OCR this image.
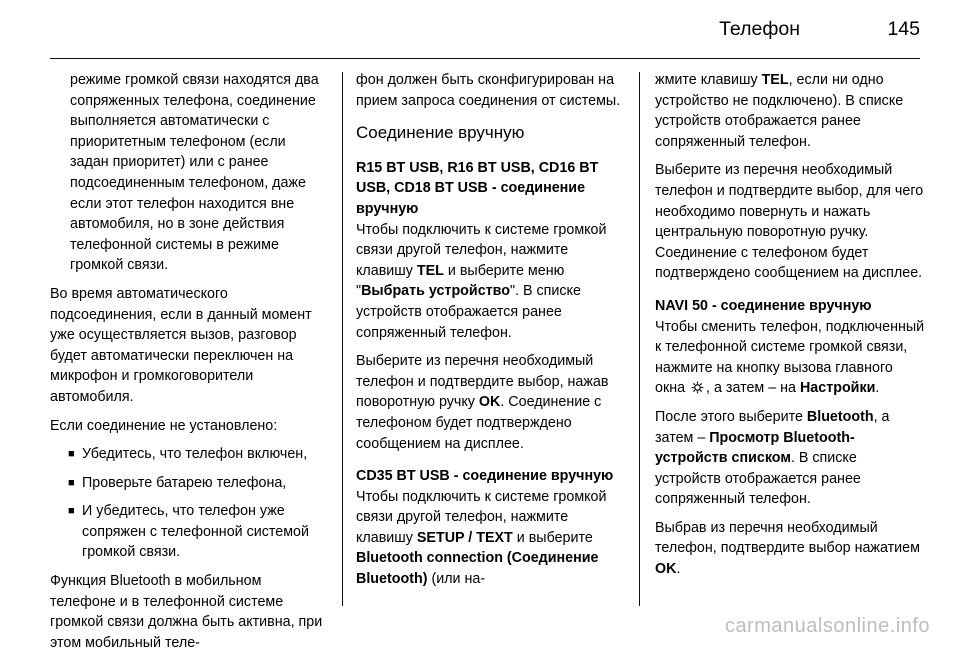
Телефон	145

режиме громкой связи находятся два сопряженных телефона, соединение выполняется автоматически с приоритетным телефоном (если задан приоритет) или с ранее подсоединенным телефоном, даже если этот телефон находится вне автомобиля, но в зоне действия телефонной системы в режиме громкой связи.

Во время автоматического подсоединения, если в данный момент уже осуществляется вызов, разговор будет автоматически переключен на микрофон и громкоговорители автомобиля.

Если соединение не установлено:

■ Убедитесь, что телефон включен,
■ Проверьте батарею телефона,
■ И убедитесь, что телефон уже сопряжен с телефонной системой громкой связи.

Функция Bluetooth в мобильном телефоне и в телефонной системе громкой связи должна быть активна, при этом мобильный теле-

фон должен быть сконфигурирован на прием запроса соединения от системы.

Соединение вручную
R15 BT USB, R16 BT USB, CD16 BT USB, CD18 BT USB - соединение вручную

Чтобы подключить к системе громкой связи другой телефон, нажмите клавишу TEL и выберите меню "Выбрать устройство". В списке устройств отображается ранее сопряженный телефон.

Выберите из перечня необходимый телефон и подтвердите выбор, нажав поворотную ручку OK. Соединение с телефоном будет подтверждено сообщением на дисплее.

CD35 BT USB - соединение вручную

Чтобы подключить к системе громкой связи другой телефон, нажмите клавишу SETUP / TEXT и выберите Bluetooth connection (Соединение Bluetooth) (или на-

жмите клавишу TEL, если ни одно устройство не подключено). В списке устройств отображается ранее сопряженный телефон.

Выберите из перечня необходимый телефон и подтвердите выбор, для чего необходимо повернуть и нажать центральную поворотную ручку. Соединение с телефоном будет подтверждено сообщением на дисплее.

NAVI 50 - соединение вручную

Чтобы сменить телефон, подключенный к телефонной системе громкой связи, нажмите на кнопку вызова главного окна , а затем – на Настройки.

После этого выберите Bluetooth, а затем – Просмотр Bluetooth-устройств списком. В списке устройств отображается ранее сопряженный телефон.

Выбрав из перечня необходимый телефон, подтвердите выбор нажатием OK.

carmanualsonline.info
